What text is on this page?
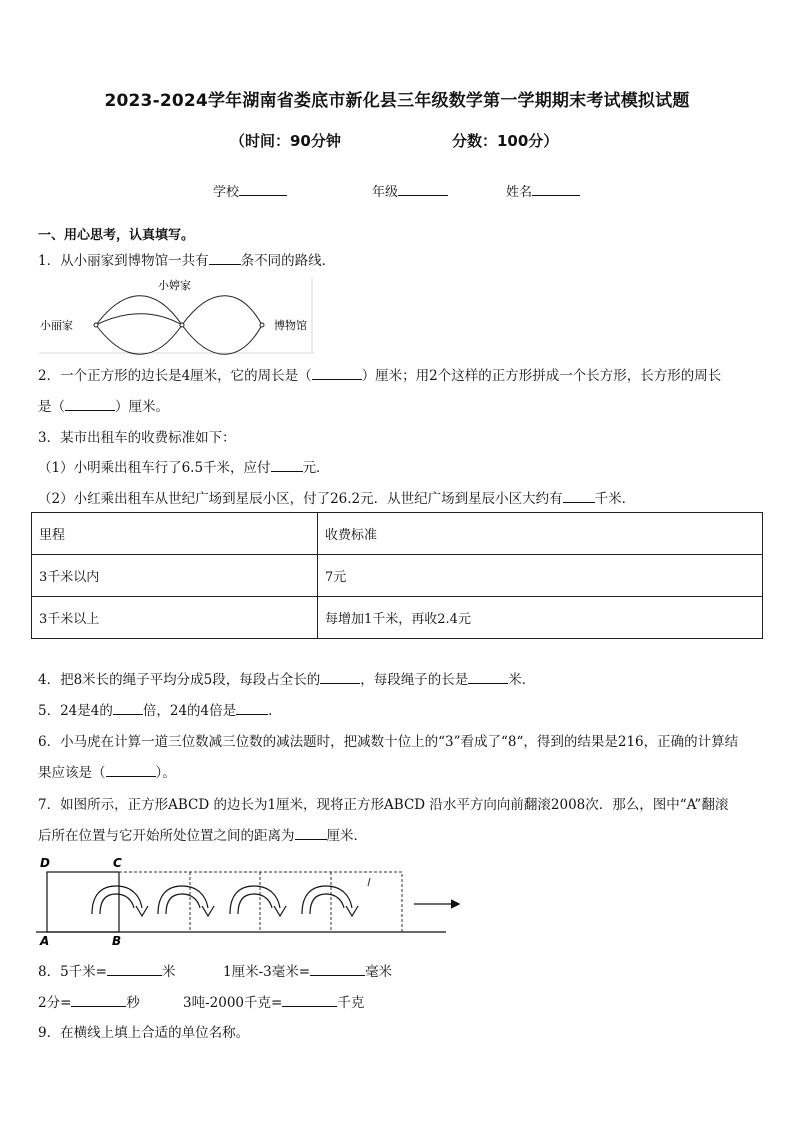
2023-2024学年湖南省娄底市新化县三年级数学第一学期期末考试模拟试题
（时间：90分钟	分数：100分）
学校	年级	姓名
一、用心思考，认真填写。
1．从小丽家到博物馆一共有 条不同的路线．
小丽家
小婷家
博物馆
2．一个正方形的边长是4厘米，它的周长是（	）厘米；用2个这样的正方形拼成一个长方形，长方形的周长
是（	）厘米。
3．某市出租车的收费标准如下：
（1）小明乘出租车行了6.5千米，应付 元．
（2）小红乘出租车从世纪广场到星辰小区，付了26.2元．从世纪广场到星辰小区大约有 千米．
里程	收费标准
3千米以内	7元
3千米以上	每增加1千米，再收2.4元
4．把8米长的绳子平均分成5段，每段占全长的	，每段绳子的长是	米．
5．24是4的 倍，24的4倍是 ．
6．小马虎在计算一道三位数减三位数的减法题时，把减数十位上的“3”看成了“8“，得到的结果是216，正确的计算结
果应该是（	）。
7．如图所示，正方形ABCD 的边长为1厘米，现将正方形ABCD 沿水平方向向前翻滚2008次．那么，图中“A”翻滚
后所在位置与它开始所处位置之间的距离为 厘米．
D	C
A	B
8．5千米=	米	1厘米-3毫米=	毫米
2分=	秒	3吨-2000千克=	千克
9．在横线上填上合适的单位名称。
